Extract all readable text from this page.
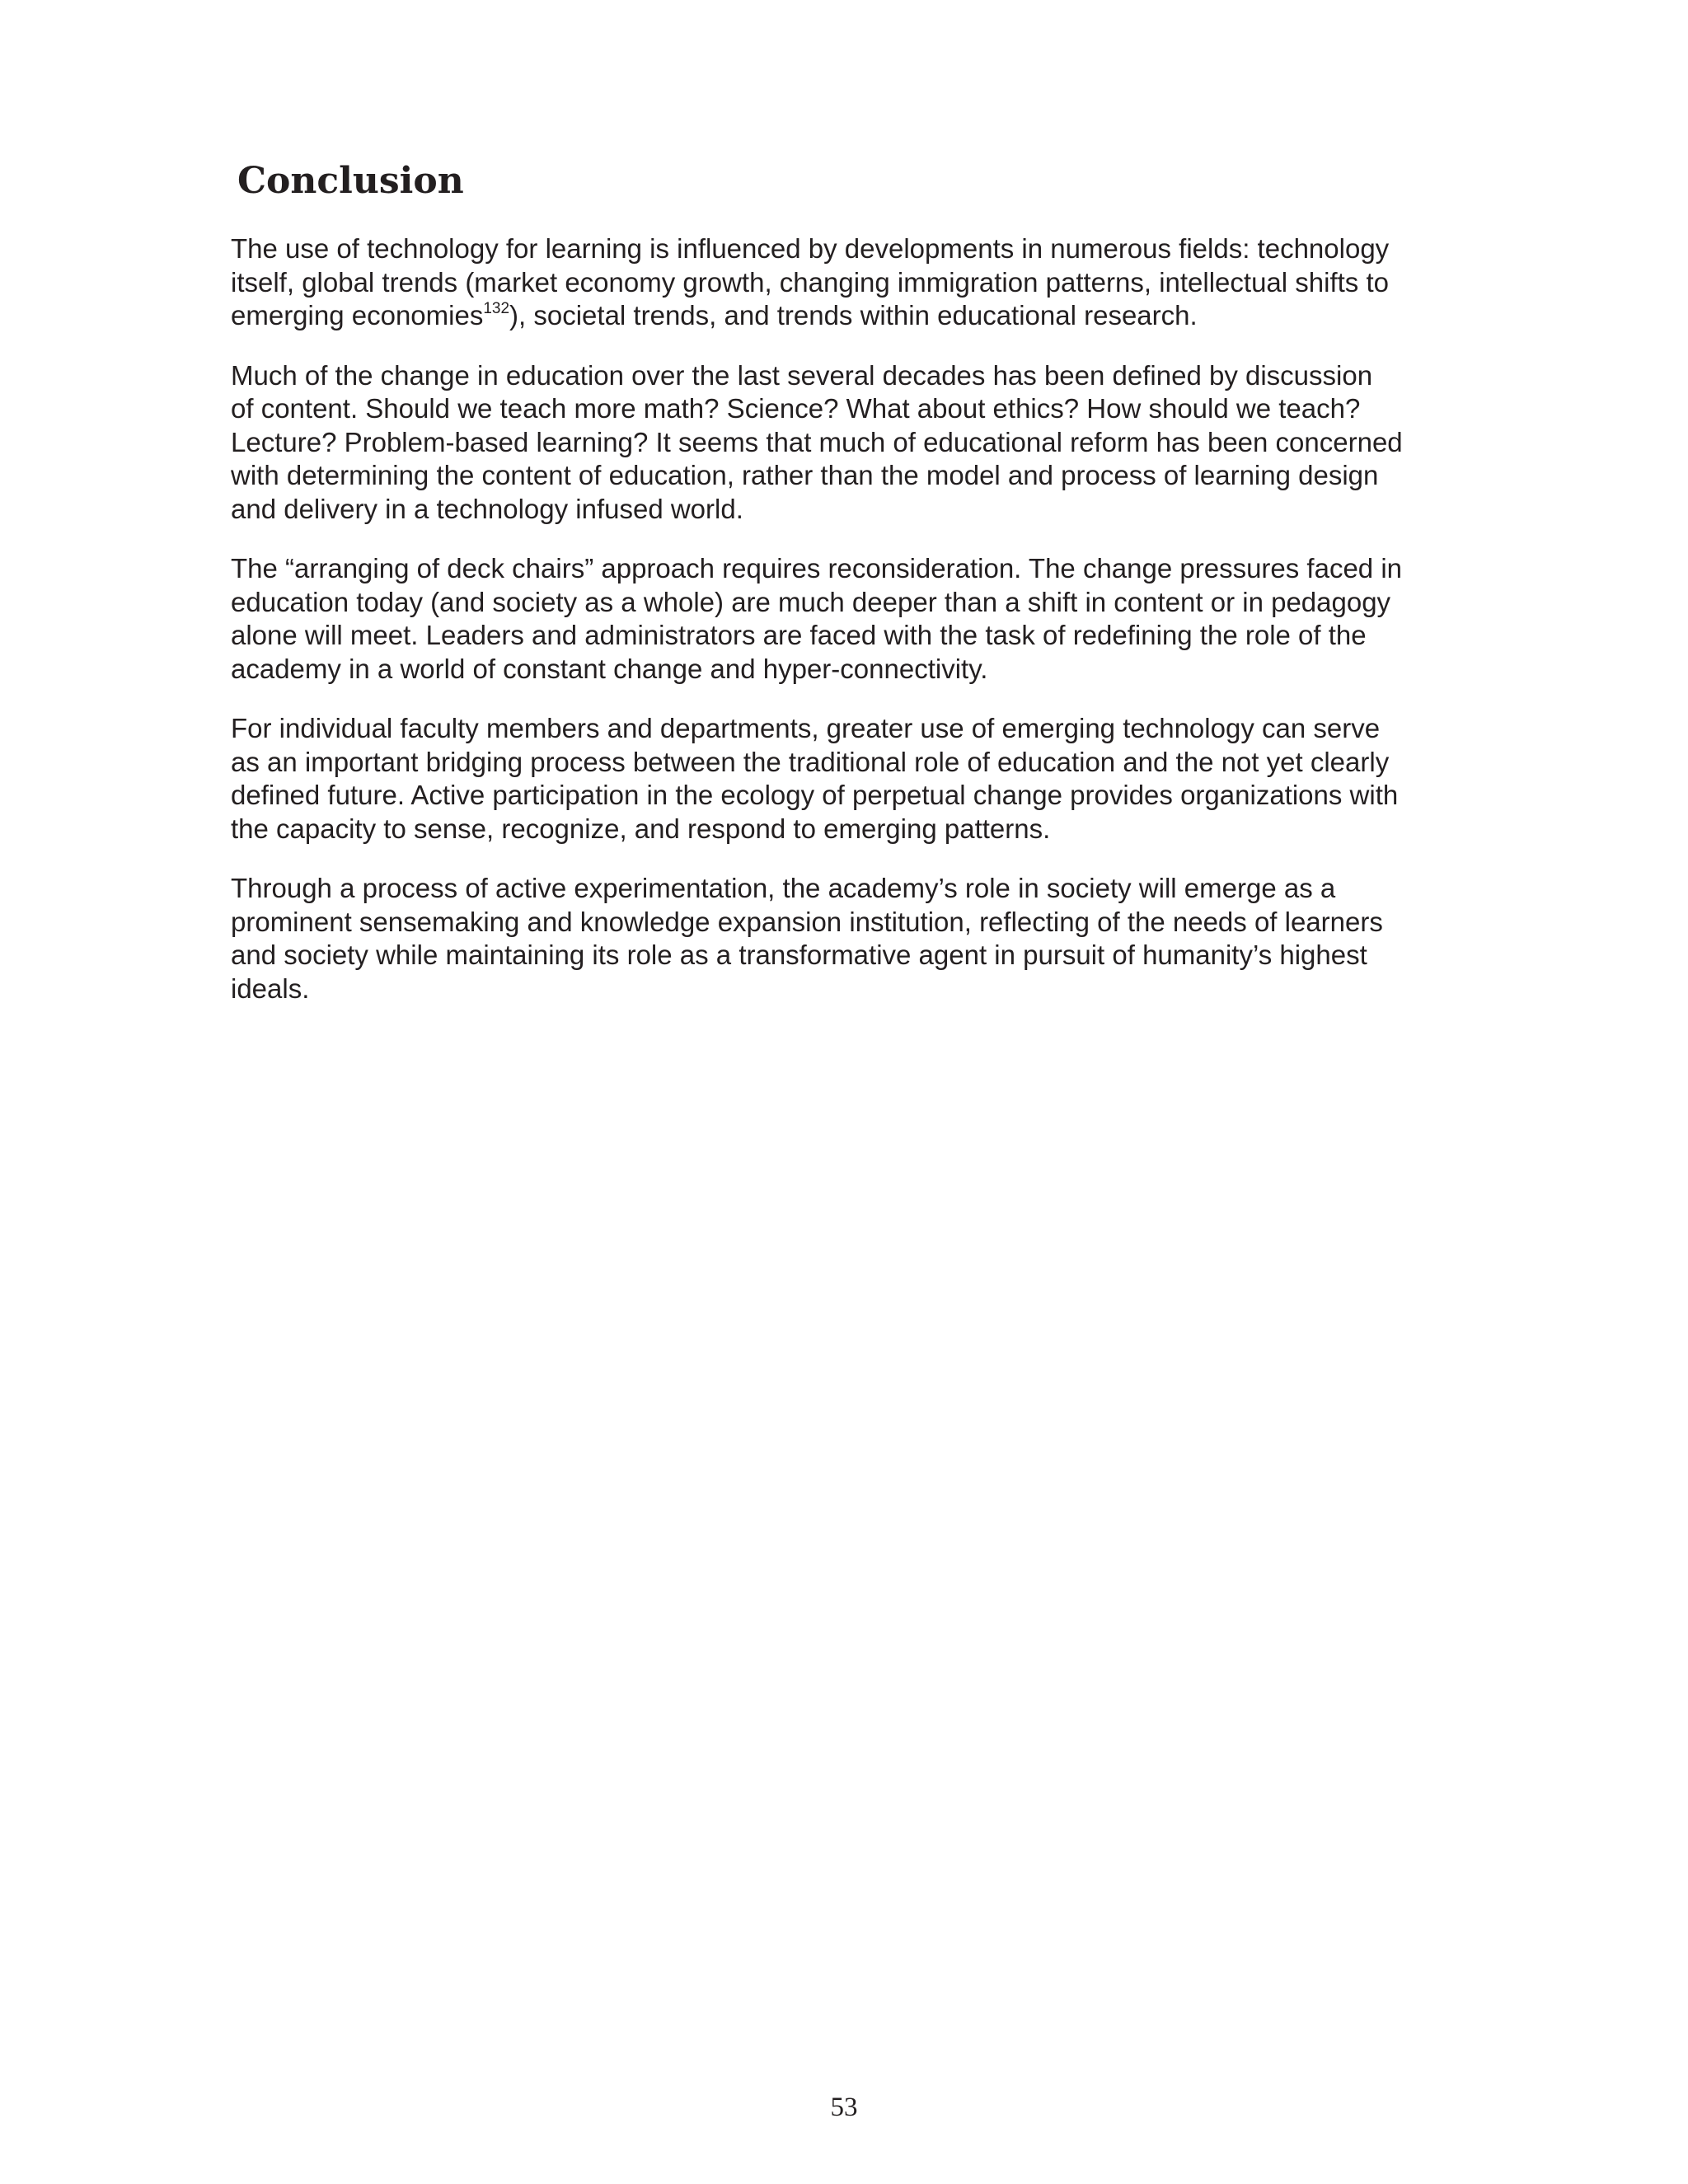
Conclusion

The use of technology for learning is influenced by developments in numerous fields: technology
itself, global trends (market economy growth, changing immigration patterns, intellectual shifts to
emerging economies$^{132}$), societal trends, and trends within educational research.

Much of the change in education over the last several decades has been defined by discussion
of content. Should we teach more math? Science? What about ethics? How should we teach?
Lecture? Problem-based learning? It seems that much of educational reform has been concerned
with determining the content of education, rather than the model and process of learning design
and delivery in a technology infused world.

The “arranging of deck chairs” approach requires reconsideration. The change pressures faced in
education today (and society as a whole) are much deeper than a shift in content or in pedagogy
alone will meet. Leaders and administrators are faced with the task of redefining the role of the
academy in a world of constant change and hyper-connectivity.

For individual faculty members and departments, greater use of emerging technology can serve
as an important bridging process between the traditional role of education and the not yet clearly
defined future. Active participation in the ecology of perpetual change provides organizations with
the capacity to sense, recognize, and respond to emerging patterns.

Through a process of active experimentation, the academy’s role in society will emerge as a
prominent sensemaking and knowledge expansion institution, reflecting of the needs of learners
and society while maintaining its role as a transformative agent in pursuit of humanity’s highest
ideals.

53
